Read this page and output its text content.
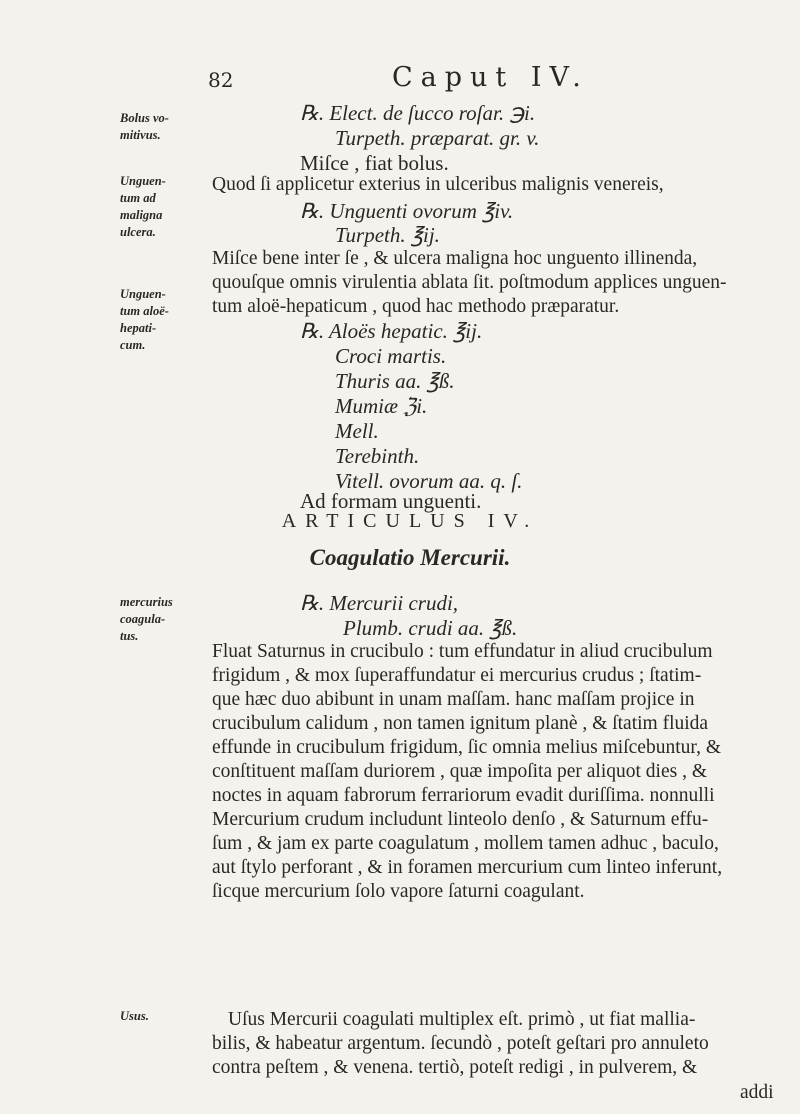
82	Caput IV.
Bolus vo-
mitivus.
Unguen-
tum ad
maligna
ulcera.
Unguen-
tum aloë-
hepati-
cum.
mercurius
coagula-
tus.
Usus.
℞. Elect. de ſucco roſar. ℈i.
Turpeth. præparat. gr. v.
Miſce , fiat bolus.
Quod ſi applicetur exterius in ulceribus malignis venereis,
℞. Unguenti ovorum ℥iv.
Turpeth. ℥ij.
Miſce bene inter ſe , & ulcera maligna hoc unguento illinenda,
quouſque omnis virulentia ablata ſit. poſtmodum applices unguen-
tum aloë-hepaticum , quod hac methodo præparatur.
℞. Aloës hepatic. ℥ij.
Croci martis.
Thuris aa. ℥ß.
Mumiæ ℨi.
Mell.
Terebinth.
Vitell. ovorum aa. q. ſ.
Ad formam unguenti.
ARTICULUS IV.
Coagulatio Mercurii.
℞. Mercurii crudi,
Plumb. crudi aa. ℥ß.
Fluat Saturnus in crucibulo : tum effundatur in aliud crucibulum
frigidum , & mox ſuperaffundatur ei mercurius crudus ; ſtatim-
que hæc duo abibunt in unam maſſam. hanc maſſam projice in
crucibulum calidum , non tamen ignitum planè , & ſtatim fluida
effunde in crucibulum frigidum, ſic omnia melius miſcebuntur, &
conſtituent maſſam duriorem , quæ impoſita per aliquot dies , &
noctes in aquam fabrorum ferrariorum evadit duriſſima. nonnulli
Mercurium crudum includunt linteolo denſo , & Saturnum effu-
ſum , & jam ex parte coagulatum , mollem tamen adhuc , baculo,
aut ſtylo perforant , & in foramen mercurium cum linteo inferunt,
ſicque mercurium ſolo vapore ſaturni coagulant.
Uſus Mercurii coagulati multiplex eſt. primò , ut fiat mallia-
bilis, & habeatur argentum. ſecundò , poteſt geſtari pro annuleto
contra peſtem , & venena. tertiò, poteſt redigi , in pulverem, &
addi
